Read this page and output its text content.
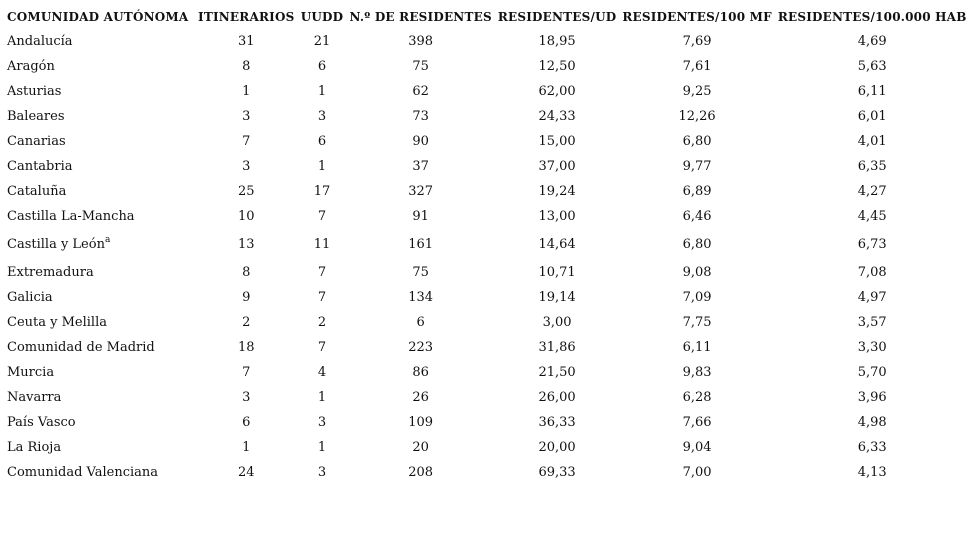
COMUNIDAD AUTÓNOMA	ITINERARIOS	UUDD	N.º DE RESIDENTES	RESIDENTES/UD	RESIDENTES/100 MF	RESIDENTES/100.000 HAB
Andalucía	31	21	398	18,95	7,69	4,69
Aragón	8	6	75	12,50	7,61	5,63
Asturias	1	1	62	62,00	9,25	6,11
Baleares	3	3	73	24,33	12,26	6,01
Canarias	7	6	90	15,00	6,80	4,01
Cantabria	3	1	37	37,00	9,77	6,35
Cataluña	25	17	327	19,24	6,89	4,27
Castilla La-Mancha	10	7	91	13,00	6,46	4,45
Castilla y León$^a$	13	11	161	14,64	6,80	6,73
Extremadura	8	7	75	10,71	9,08	7,08
Galicia	9	7	134	19,14	7,09	4,97
Ceuta y Melilla	2	2	6	3,00	7,75	3,57
Comunidad de Madrid	18	7	223	31,86	6,11	3,30
Murcia	7	4	86	21,50	9,83	5,70
Navarra	3	1	26	26,00	6,28	3,96
País Vasco	6	3	109	36,33	7,66	4,98
La Rioja	1	1	20	20,00	9,04	6,33
Comunidad Valenciana	24	3	208	69,33	7,00	4,13
